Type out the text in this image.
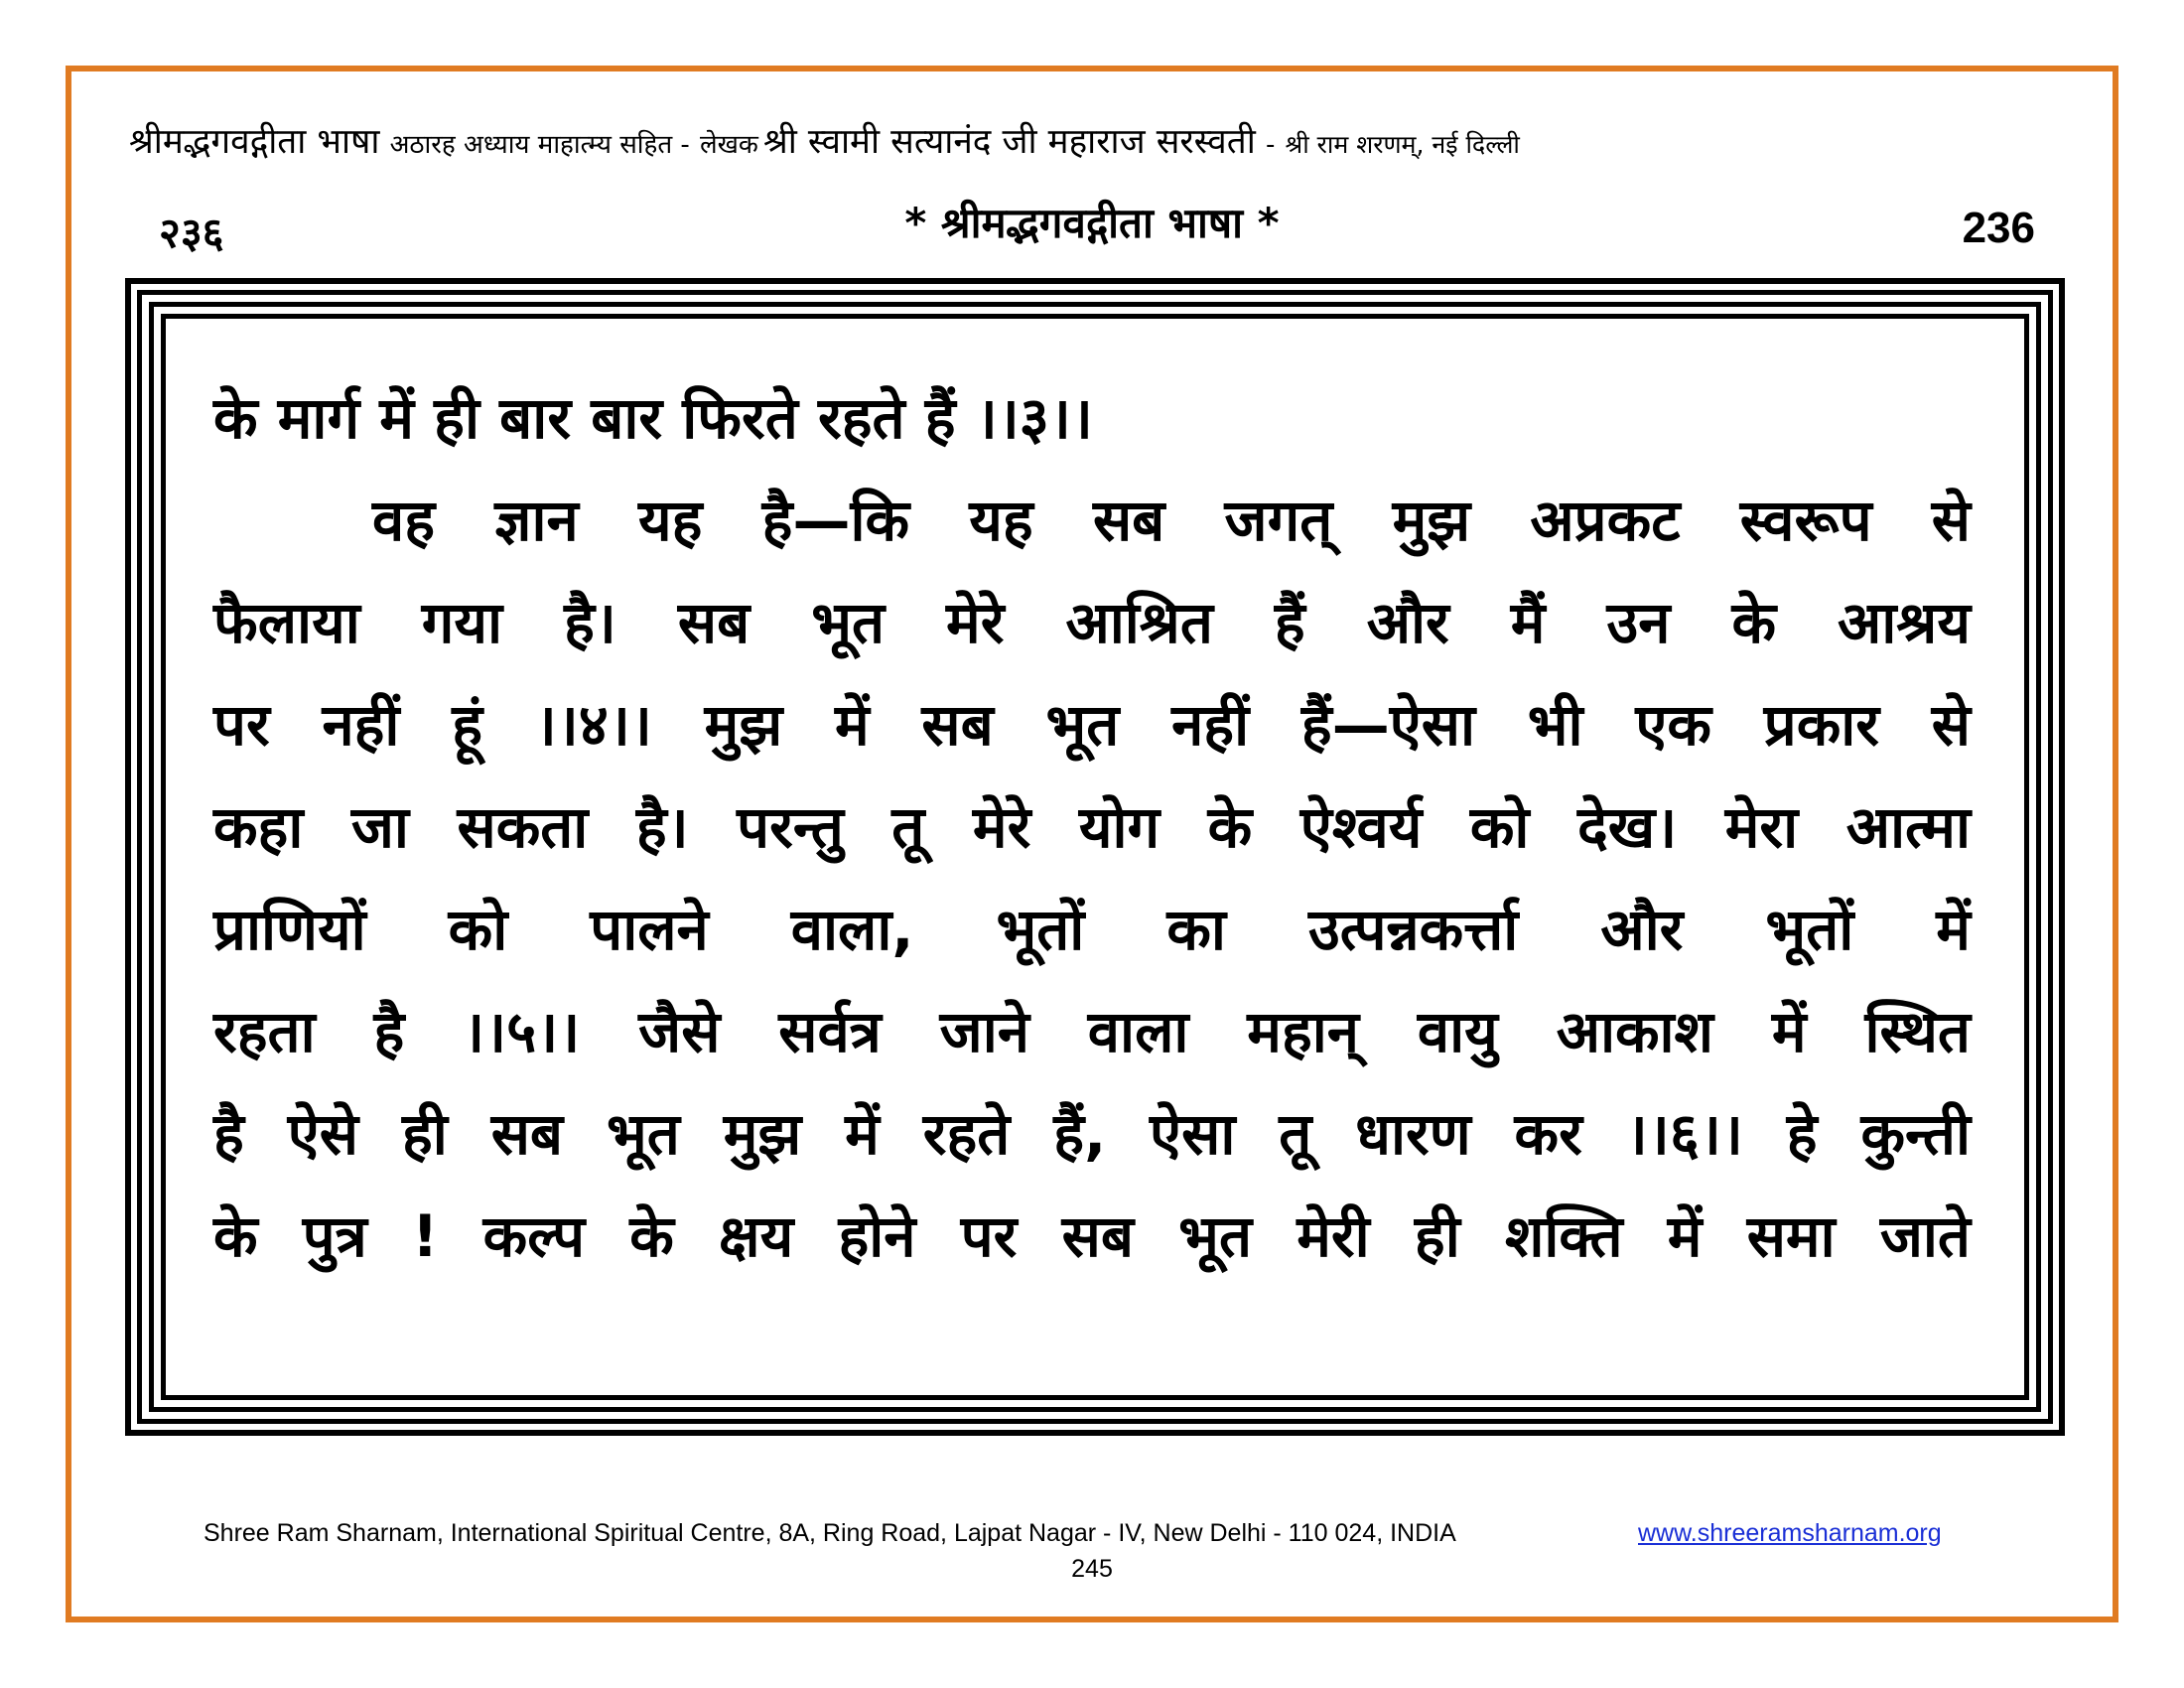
श्रीमद्भगवद्गीता भाषा
अठारह अध्याय माहात्म्य सहित -
लेखक
श्री स्वामी सत्यानंद जी महाराज सरस्वती
-
श्री राम शरणम्, नई दिल्ली
२३६	* श्रीमद्भगवद्गीता भाषा *	236
के मार्ग में ही बार बार फिरते रहते हैं ।।३।।
वह ज्ञान यह है—कि यह सब जगत् मुझ अप्रकट स्वरूप से
फैलाया गया है। सब भूत मेरे आश्रित हैं और मैं उन के आश्रय
पर नहीं हूं ।।४।। मुझ में सब भूत नहीं हैं—ऐसा भी एक प्रकार से
कहा जा सकता है। परन्तु तू मेरे योग के ऐश्वर्य को देख। मेरा आत्मा
प्राणियों को पालने वाला, भूतों का उत्पन्नकर्त्ता और भूतों में
रहता है ।।५।। जैसे सर्वत्र जाने वाला महान् वायु आकाश में स्थित
है ऐसे ही सब भूत मुझ में रहते हैं, ऐसा तू धारण कर ।।६।। हे कुन्ती
के पुत्र ! कल्प के क्षय होने पर सब भूत मेरी ही शक्ति में समा जाते
Shree Ram Sharnam, International Spiritual Centre, 8A, Ring Road, Lajpat Nagar - IV, New Delhi - 110 024, INDIA	www.shreeramsharnam.org
245
